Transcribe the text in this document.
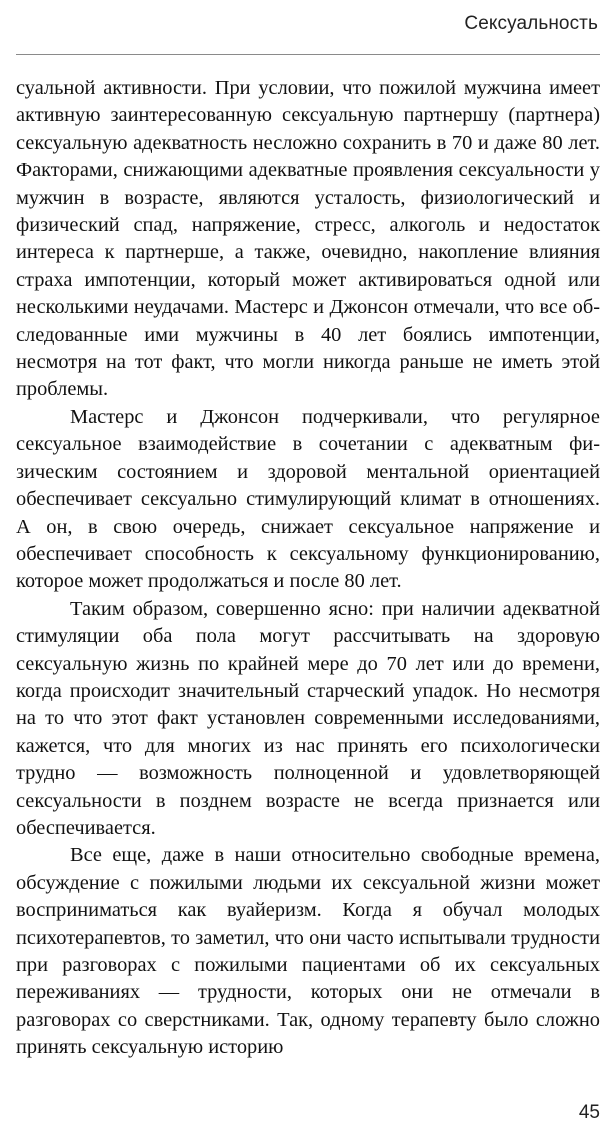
Сексуальность

суальной активности. При условии, что пожилой мужчина имеет активную заинтересованную сексуальную партнершу (партнера) сексуальную адекватность несложно сохранить в 70 и даже 80 лет. Факторами, снижающими адекватные проявления сексуальности у мужчин в возрасте, являются усталость, физиологический и физический спад, напряжение, стресс, алкоголь и недостаток интереса к партнерше, а также, очевидно, накопление влияния страха импотенции, который может активироваться одной или несколькими неудачами. Мастерс и Джонсон отмечали, что все обследованные ими мужчины в 40 лет боялись импотенции, несмотря на тот факт, что могли никогда раньше не иметь этой проблемы.

Мастерс и Джонсон подчеркивали, что регулярное сексуальное взаимодействие в сочетании с адекватным физическим состоянием и здоровой ментальной ориентацией обеспечивает сексуально стимулирующий климат в отношениях. А он, в свою очередь, снижает сексуальное напряжение и обеспечивает способность к сексуальному функционированию, которое может продолжаться и после 80 лет.

Таким образом, совершенно ясно: при наличии адекватной стимуляции оба пола могут рассчитывать на здоровую сексуальную жизнь по крайней мере до 70 лет или до времени, когда происходит значительный старческий упадок. Но несмотря на то что этот факт установлен современными исследованиями, кажется, что для многих из нас принять его психологически трудно — возможность полноценной и удовлетворяющей сексуальности в позднем возрасте не всегда признается или обеспечивается.

Все еще, даже в наши относительно свободные времена, обсуждение с пожилыми людьми их сексуальной жизни может восприниматься как вуайеризм. Когда я обучал молодых психотерапевтов, то заметил, что они часто испытывали трудности при разговорах с пожилыми пациентами об их сексуальных переживаниях — трудности, которых они не отмечали в разговорах со сверстниками. Так, одному терапевту было сложно принять сексуальную историю

45
